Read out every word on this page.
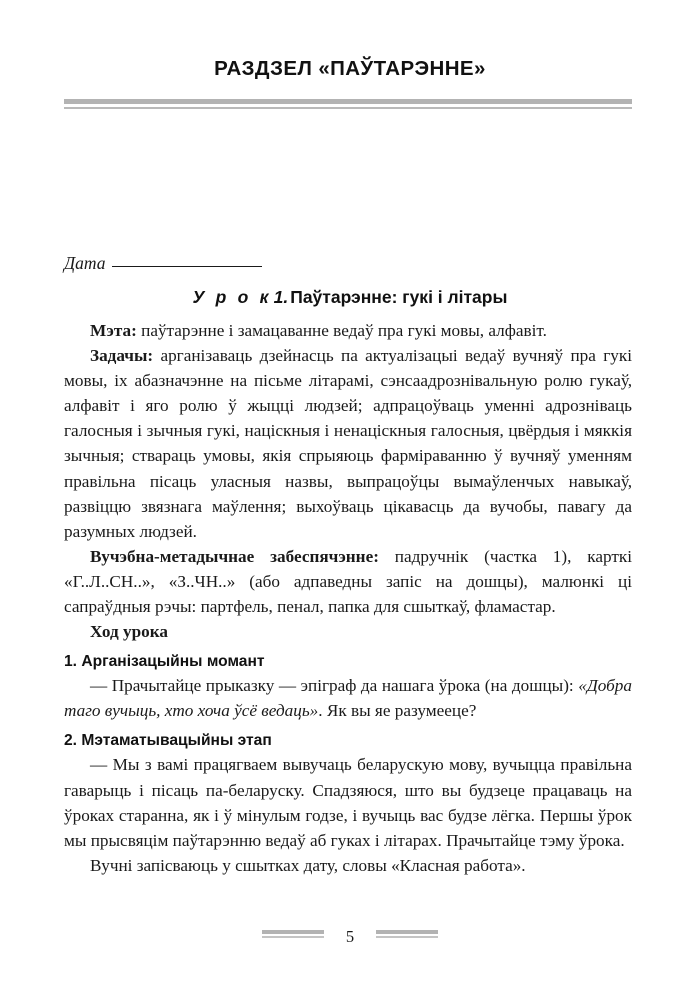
РАЗДЗЕЛ «ПАЎТАРЭННЕ»
Дата
У р о к 1. Паўтарэнне: гукі і літары

Мэта: паўтарэнне і замацаванне ведаў пра гукі мовы, алфавіт.

Задачы: арганізаваць дзейнасць па актуалізацыі ведаў вучняў пра гукі мовы, іх абазначэнне на пісьме літарамі, сэнсаадрознівальную ролю гукаў, алфавіт і яго ролю ў жыцці людзей; адпрацоўваць уменні адрозніваць галосныя і зычныя гукі, націскныя і ненаціскныя галосныя, цвёрдыя і мяккія зычныя; ствараць умовы, якія спрыяюць фарміраванню ў вучняў уменням правільна пісаць уласныя назвы, выпрацоўцы вымаўленчых навыкаў, развіццю звязнага маўлення; выхоўваць цікавасць да вучобы, павагу да разумных людзей.

Вучэбна-метадычнае забеспячэнне: падручнік (частка 1), карткі «Г..Л..СН..», «З..ЧН..» (або адпаведны запіс на дошцы), малюнкі ці сапраўдныя рэчы: партфель, пенал, папка для сшыткаў, фламастар.

Ход урока

1. Арганізацыйны момант

— Прачытайце прыказку — эпіграф да нашага ўрока (на дошцы): «Добра таго вучыць, хто хоча ўсё ведаць». Як вы яе разумееце?

2. Мэтаматывацыйны этап

— Мы з вамі працягваем вывучаць беларускую мову, вучыцца правільна гаварыць і пісаць па-беларуску. Спадзяюся, што вы будзеце працаваць на ўроках старанна, як і ў мінулым годзе, і вучыць вас будзе лёгка. Першы ўрок мы прысвяцім паўтарэнню ведаў аб гуках і літарах. Прачытайце тэму ўрока.

Вучні запісваюць у сшытках дату, словы «Класная работа».

5
